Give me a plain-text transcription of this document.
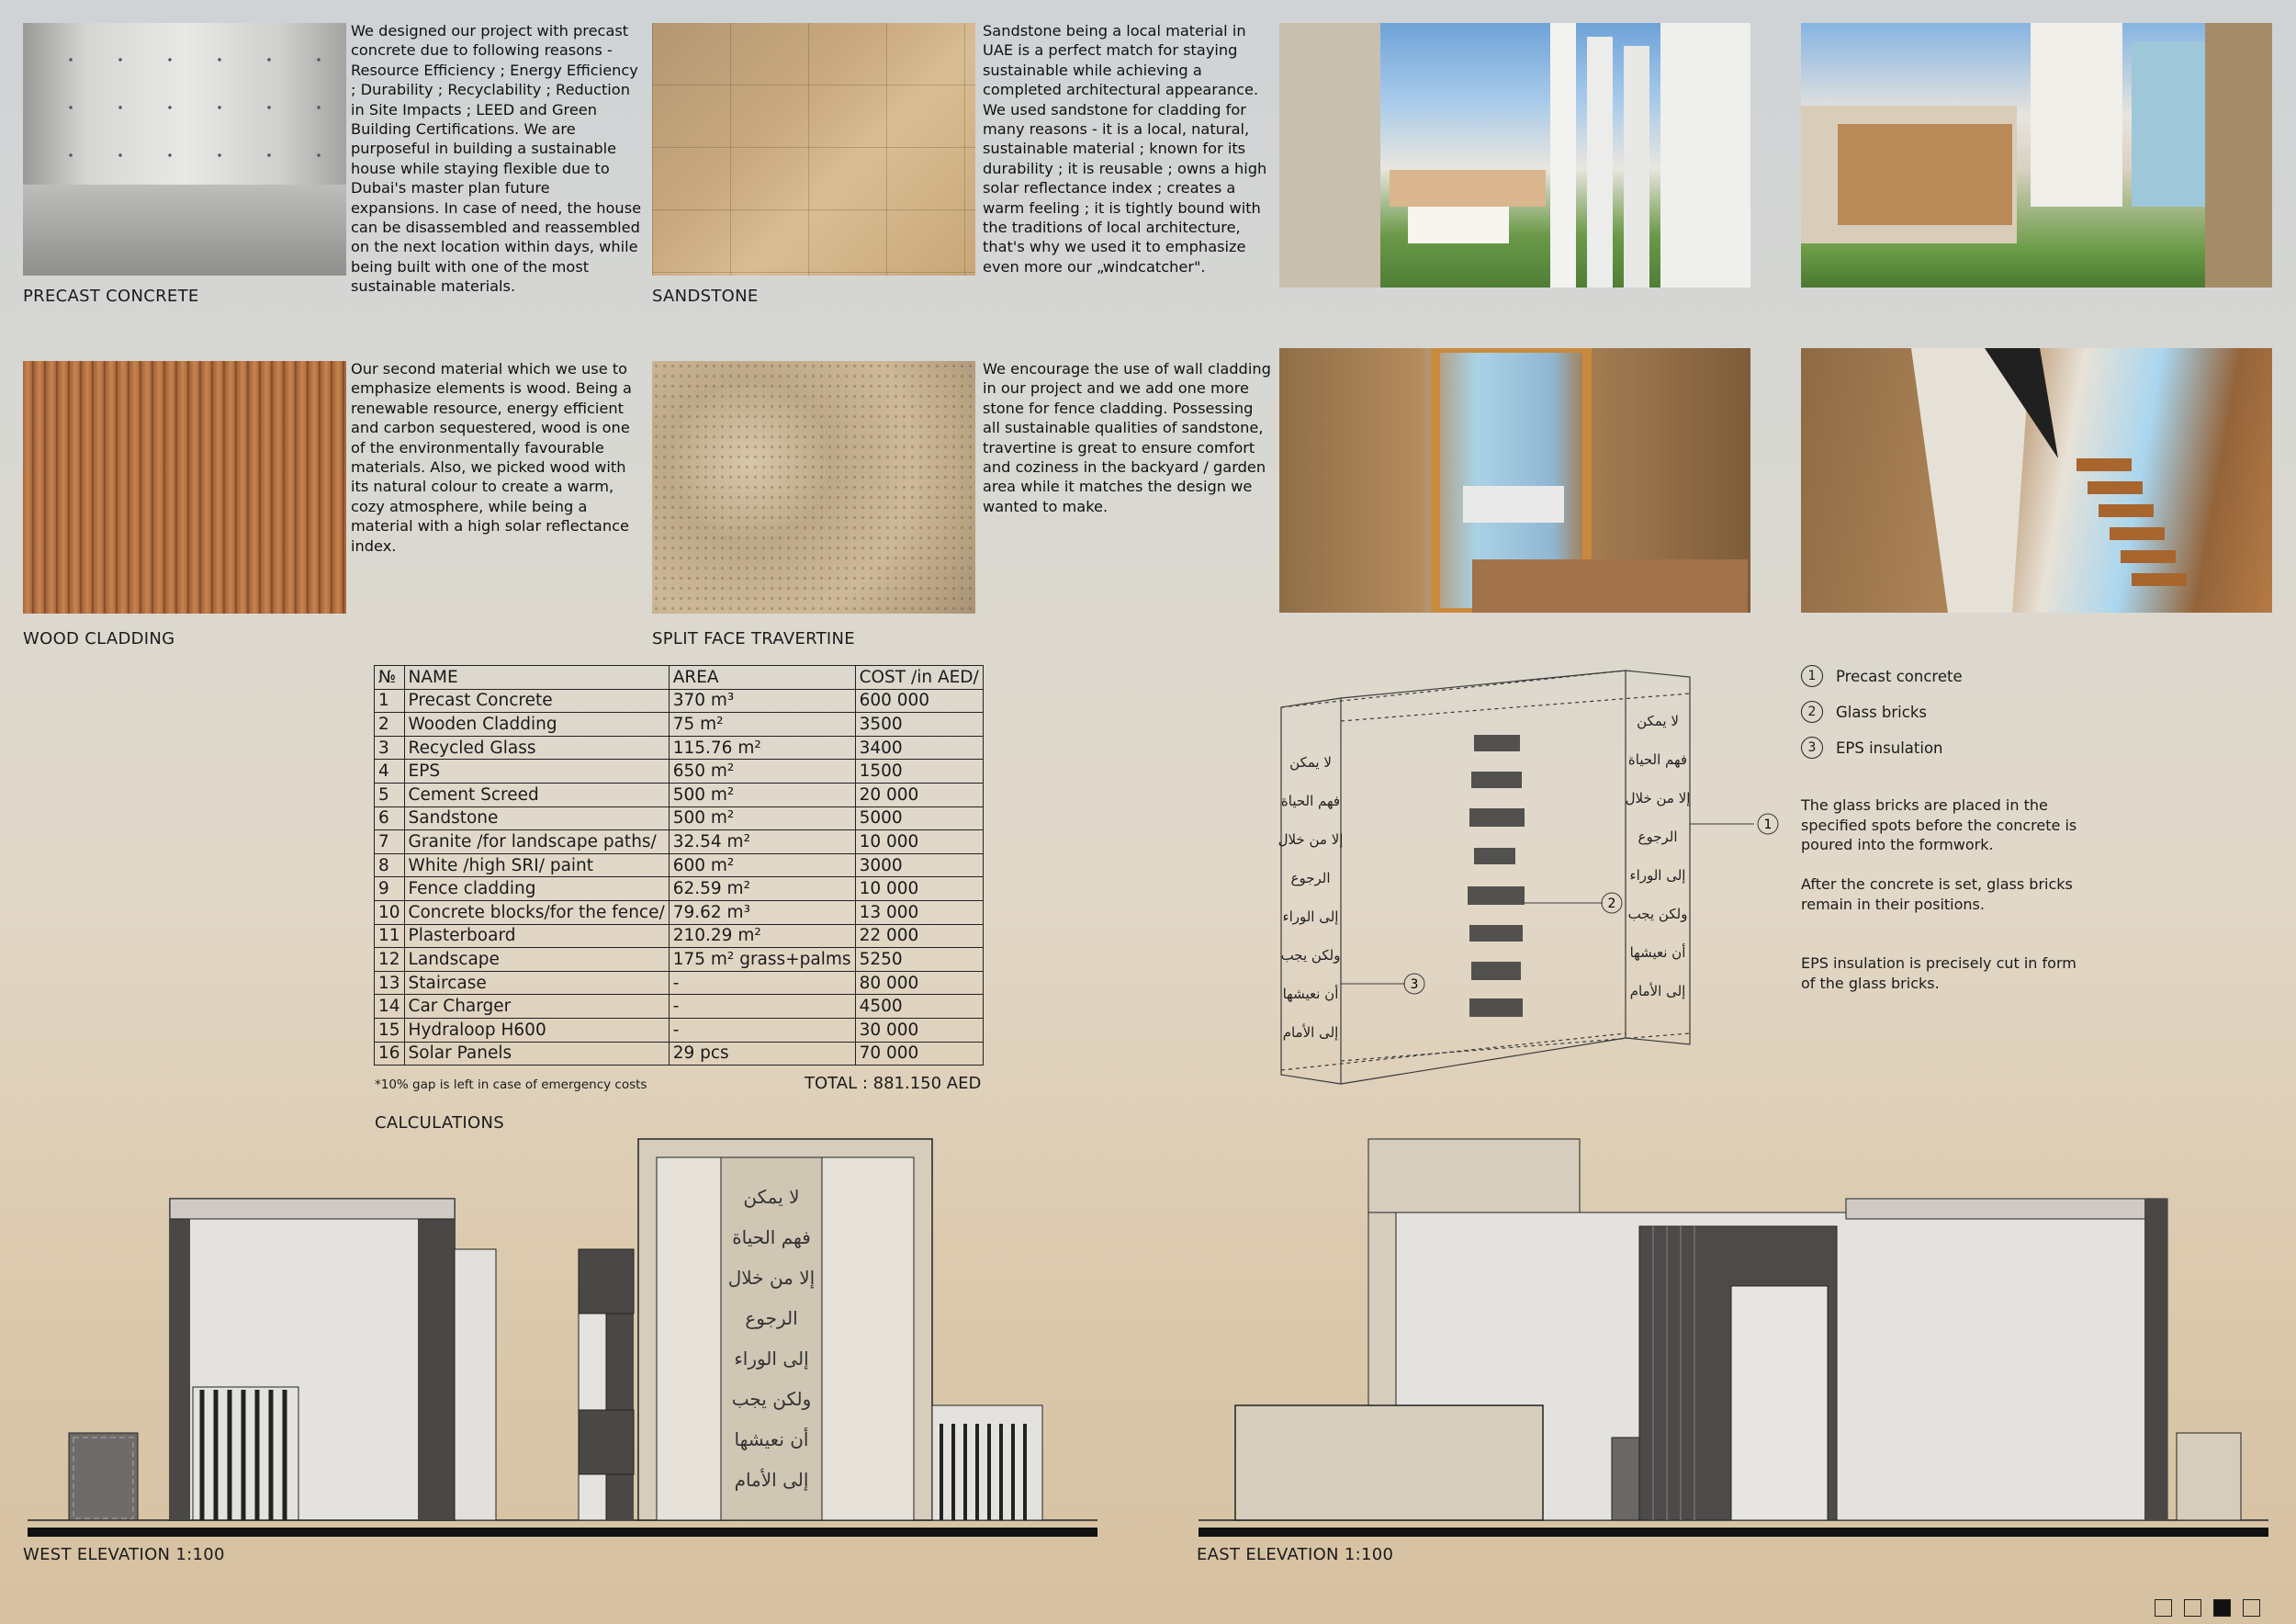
We designed our project with precast concrete due to following reasons - Resource Efficiency ; Energy Efficiency ; Durability ; Recyclability ; Reduction in Site Impacts ; LEED and Green Building Certifications. We are purposeful in building a sustainable house while staying flexible due to Dubai's master plan future expansions. In case of need, the house can be disassembled and reassembled on the next location within days, while being built with one of the most sustainable materials.
PRECAST CONCRETE
Sandstone being a local material in UAE is a perfect match for staying sustainable while achieving a completed architectural appearance. We used sandstone for cladding for many reasons - it is a local, natural, sustainable material ; known for its durability ; it is reusable ; owns a high solar reflectance index ; creates a warm feeling ; it is tightly bound with the traditions of local architecture, that's why we used it to emphasize even more our „windcatcher".
SANDSTONE
Our second material which we use to emphasize elements is wood. Being a renewable resource, energy efficient and carbon sequestered, wood is one of the environmentally favourable materials. Also, we picked wood with its natural colour to create a warm, cozy atmosphere, while being a material with a high solar reflectance index.
WOOD CLADDING
We encourage the use of wall cladding in our project and we add one more stone for fence cladding. Possessing all sustainable qualities of sandstone, travertine is great to ensure comfort and coziness in the backyard / garden area while it matches the design we wanted to make.
SPLIT FACE TRAVERTINE
№	NAME	AREA	COST /in AED/
1	Precast Concrete	370 m³	600 000
2	Wooden Cladding	75 m²	3500
3	Recycled Glass	115.76 m²	3400
4	EPS	650 m²	1500
5	Cement Screed	500 m²	20 000
6	Sandstone	500 m²	5000
7	Granite /for landscape paths/	32.54 m²	10 000
8	White /high SRI/ paint	600 m²	3000
9	Fence cladding	62.59 m²	10 000
10	Concrete blocks/for the fence/	79.62 m³	13 000
11	Plasterboard	210.29 m²	22 000
12	Landscape	175 m² grass+palms	5250
13	Staircase	-	80 000
14	Car Charger	-	4500
15	Hydraloop H600	-	30 000
16	Solar Panels	29 pcs	70 000
*10% gap is left in case of emergency costs	TOTAL : 881.150 AED
CALCULATIONS
2
1
3
لا يمكن
فهم الحياة
إلا من خلال
الرجوع
إلى الوراء
ولكن يجب
أن نعيشها
إلى الأمام
لا يمكن
فهم الحياة
إلا من خلال
الرجوع
إلى الوراء
ولكن يجب
أن نعيشها
إلى الأمام
1	Precast concrete
2	Glass bricks
3	EPS insulation
The glass bricks are placed in the specified spots before the concrete is poured into the formwork.
After the concrete is set, glass bricks remain in their positions.
EPS insulation is precisely cut in form of the glass bricks.
لا يمكن
فهم الحياة
إلا من خلال
الرجوع
إلى الوراء
ولكن يجب
أن نعيشها
إلى الأمام
WEST ELEVATION 1:100	EAST ELEVATION 1:100
